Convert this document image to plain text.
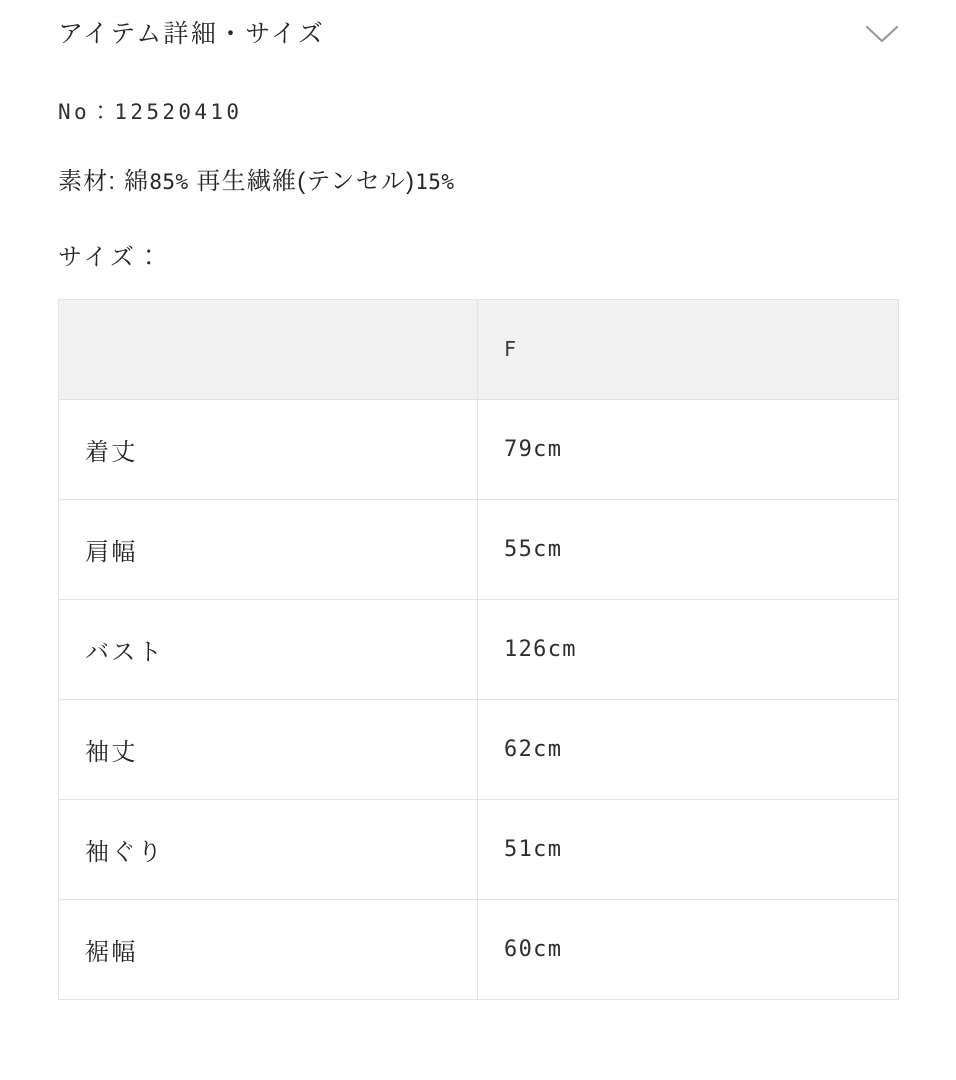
アイテム詳細・サイズ
No：12520410
素材: 綿85% 再生繊維(テンセル)15%
サイズ：
	F
着丈	79cm
肩幅	55cm
バスト	126cm
袖丈	62cm
袖ぐり	51cm
裾幅	60cm
